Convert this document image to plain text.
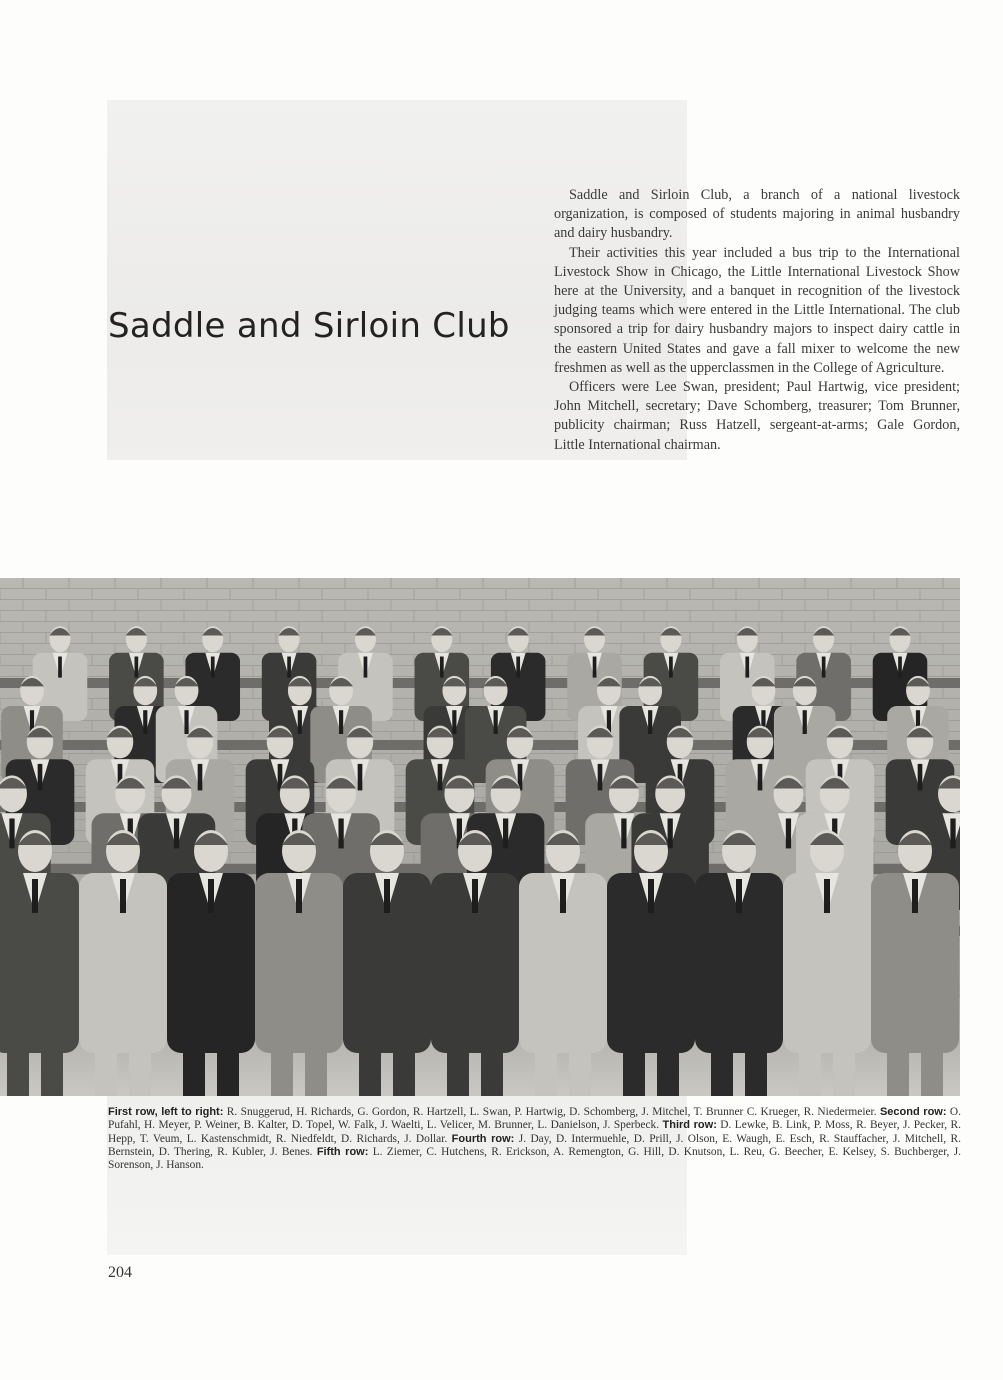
Saddle and Sirloin Club

Saddle and Sirloin Club, a branch of a national livestock organization, is composed of students majoring in animal husbandry and dairy husbandry.

Their activities this year included a bus trip to the International Livestock Show in Chicago, the Little International Livestock Show here at the University, and a banquet in recognition of the livestock judging teams which were entered in the Little International. The club sponsored a trip for dairy husbandry majors to inspect dairy cattle in the eastern United States and gave a fall mixer to welcome the new freshmen as well as the upperclassmen in the College of Agriculture.

Officers were Lee Swan, president; Paul Hartwig, vice president; John Mitchell, secretary; Dave Schomberg, treasurer; Tom Brunner, publicity chairman; Russ Hatzell, sergeant-at-arms; Gale Gordon, Little International chairman.

First row, left to right: R. Snuggerud, H. Richards, G. Gordon, R. Hartzell, L. Swan, P. Hartwig, D. Schomberg, J. Mitchel, T. Brunner C. Krueger, R. Niedermeier. Second row: O. Pufahl, H. Meyer, P. Weiner, B. Kalter, D. Topel, W. Falk, J. Waelti, L. Velicer, M. Brunner, L. Danielson, J. Sperbeck. Third row: D. Lewke, B. Link, P. Moss, R. Beyer, J. Pecker, R. Hepp, T. Veum, L. Kastenschmidt, R. Niedfeldt, D. Richards, J. Dollar. Fourth row: J. Day, D. Intermuehle, D. Prill, J. Olson, E. Waugh, E. Esch, R. Stauffacher, J. Mitchell, R. Bernstein, D. Thering, R. Kubler, J. Benes. Fifth row: L. Ziemer, C. Hutchens, R. Erickson, A. Remengton, G. Hill, D. Knutson, L. Reu, G. Beecher, E. Kelsey, S. Buchberger, J. Sorenson, J. Hanson.
204
